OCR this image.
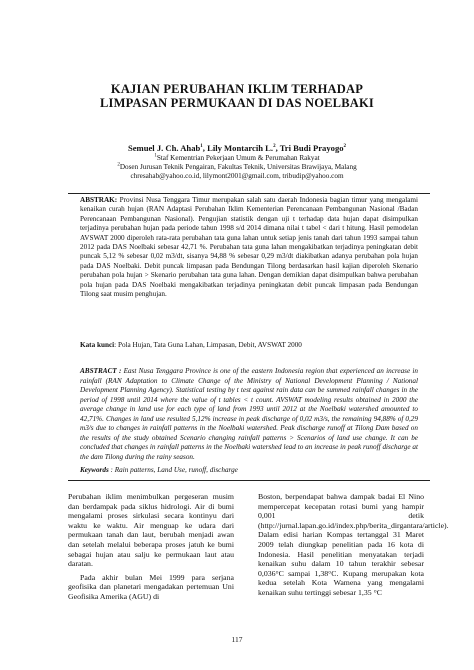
KAJIAN PERUBAHAN IKLIM TERHADAP
LIMPASAN PERMUKAAN DI DAS NOELBAKI
Semuel J. Ch. Ahab$^1$, Lily Montarcih L.$^2$, Tri Budi Prayogo$^2$
$^1$Staf Kementrian Pekerjaan Umum & Perumahan Rakyat
$^2$Dosen Jurusan Teknik Pengairan, Fakultas Teknik, Universitas Brawijaya, Malang
chresahab@yahoo.co.id, lilymont2001@gmail.com, tribudip@yahoo.com
ABSTRAK: Provinsi Nusa Tenggara Timur merupakan salah satu daerah Indonesia bagian timur yang mengalami kenaikan curah hujan (RAN Adaptasi Perubahan Iklim Kementerian Perencanaan Pembangunan Nasional /Badan Perencanaan Pembangunan Nasional). Pengujian statistik dengan uji t terhadap data hujan dapat disimpulkan terjadinya perubahan hujan pada periode tahun 1998 s/d 2014 dimana nilai t tabel < dari t hitung. Hasil pemodelan AVSWAT 2000 diperoleh rata-rata perubahan tata guna lahan untuk setiap jenis tanah dari tahun 1993 sampai tahun 2012 pada DAS Noelbaki sebesar 42,71 %. Perubahan tata guna lahan mengakibatkan terjadinya peningkatan debit puncak 5,12 % sebesar 0,02 m3/dt, sisanya 94,88 % sebesar 0,29 m3/dt diakibatkan adanya perubahan pola hujan pada DAS Noelbaki. Debit puncak limpasan pada Bendungan Tilong berdasarkan hasil kajian diperoleh Skenario perubahan pola hujan > Skenario perubahan tata guna lahan. Dengan demikian dapat disimpulkan bahwa perubahan pola hujan pada DAS Noelbaki mengakibatkan terjadinya peningkatan debit puncak limpasan pada Bendungan Tilong saat musim penghujan.
Kata kunci: Pola Hujan, Tata Guna Lahan, Limpasan, Debit, AVSWAT 2000
ABSTRACT : East Nusa Tenggara Province is one of the eastern Indonesia region that experienced an increase in rainfall (RAN Adaptation to Climate Change of the Ministry of National Development Planning / National Development Planning Agency). Statistical testing by t test against rain data can be summed rainfall changes in the period of 1998 until 2014 where the value of t tables < t count. AVSWAT modeling results obtained in 2000 the average change in land use for each type of land from 1993 until 2012 at the Noelbaki watershed amounted to 42,71%. Changes in land use resulted 5,12% increase in peak discharge of 0,02 m3/s, the remaining 94,88% of 0,29 m3/s due to changes in rainfall patterns in the Noelbaki watershed. Peak discharge runoff at Tilong Dam based on the results of the study obtained Scenario changing rainfall patterns > Scenarios of land use change. It can be concluded that changes in rainfall patterns in the Noelbaki watershed lead to an increase in peak runoff discharge at the dam Tilong during the rainy season.
Keywords : Rain patterns, Land Use, runoff, discharge

Perubahan iklim menimbulkan pergeseran musim dan berdampak pada siklus hidrologi. Air di bumi mengalami proses sirkulasi secara kontinyu dari waktu ke waktu. Air menguap ke udara dari permukaan tanah dan laut, berubah menjadi awan dan setelah melalui beberapa proses jatuh ke bumi sebagai hujan atau salju ke permukaan laut atau daratan.

Pada akhir bulan Mei 1999 para serjana geofisika dan planetari mengadakan pertemuan Uni Geofisika Amerika (AGU) di

Boston, berpendapat bahwa dampak badai El Nino mempercepat kecepatan rotasi bumi yang hampir 0,001 detik (http://jurnal.lapan.go.id/index.php/berita_dirgantara/article). Dalam edisi harian Kompas tertanggal 31 Maret 2009 telah diungkap penelitian pada 16 kota di Indonesia. Hasil penelitian menyatakan terjadi kenaikan suhu dalam 10 tahun terakhir sebesar 0,036°C sampai 1,38°C. Kupang merupakan kota kedua setelah Kota Wamena yang mengalami kenaikan suhu tertinggi sebesar 1,35 °C

117
